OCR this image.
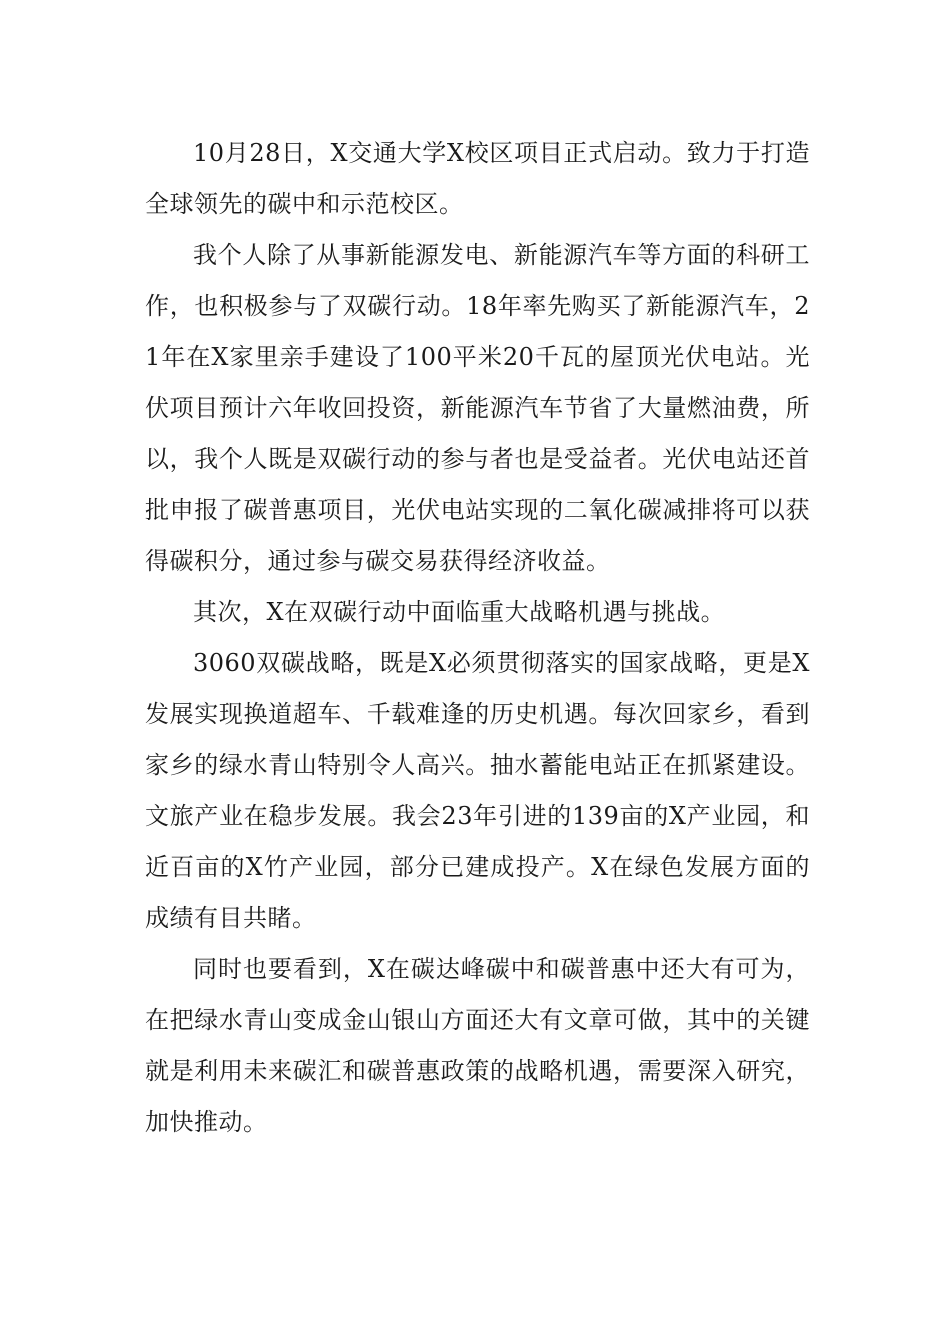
10月28日，X交通大学X校区项目正式启动。致力于打造全球领先的碳中和示范校区。

我个人除了从事新能源发电、新能源汽车等方面的科研工作，也积极参与了双碳行动。18年率先购买了新能源汽车，21年在X家里亲手建设了100平米20千瓦的屋顶光伏电站。光伏项目预计六年收回投资，新能源汽车节省了大量燃油费，所以，我个人既是双碳行动的参与者也是受益者。光伏电站还首批申报了碳普惠项目，光伏电站实现的二氧化碳减排将可以获得碳积分，通过参与碳交易获得经济收益。

其次，X在双碳行动中面临重大战略机遇与挑战。

3060双碳战略，既是X必须贯彻落实的国家战略，更是X发展实现换道超车、千载难逢的历史机遇。每次回家乡，看到家乡的绿水青山特别令人高兴。抽水蓄能电站正在抓紧建设。文旅产业在稳步发展。我会23年引进的139亩的X产业园，和近百亩的X竹产业园，部分已建成投产。X在绿色发展方面的成绩有目共睹。

同时也要看到，X在碳达峰碳中和碳普惠中还大有可为，在把绿水青山变成金山银山方面还大有文章可做，其中的关键就是利用未来碳汇和碳普惠政策的战略机遇，需要深入研究，加快推动。
